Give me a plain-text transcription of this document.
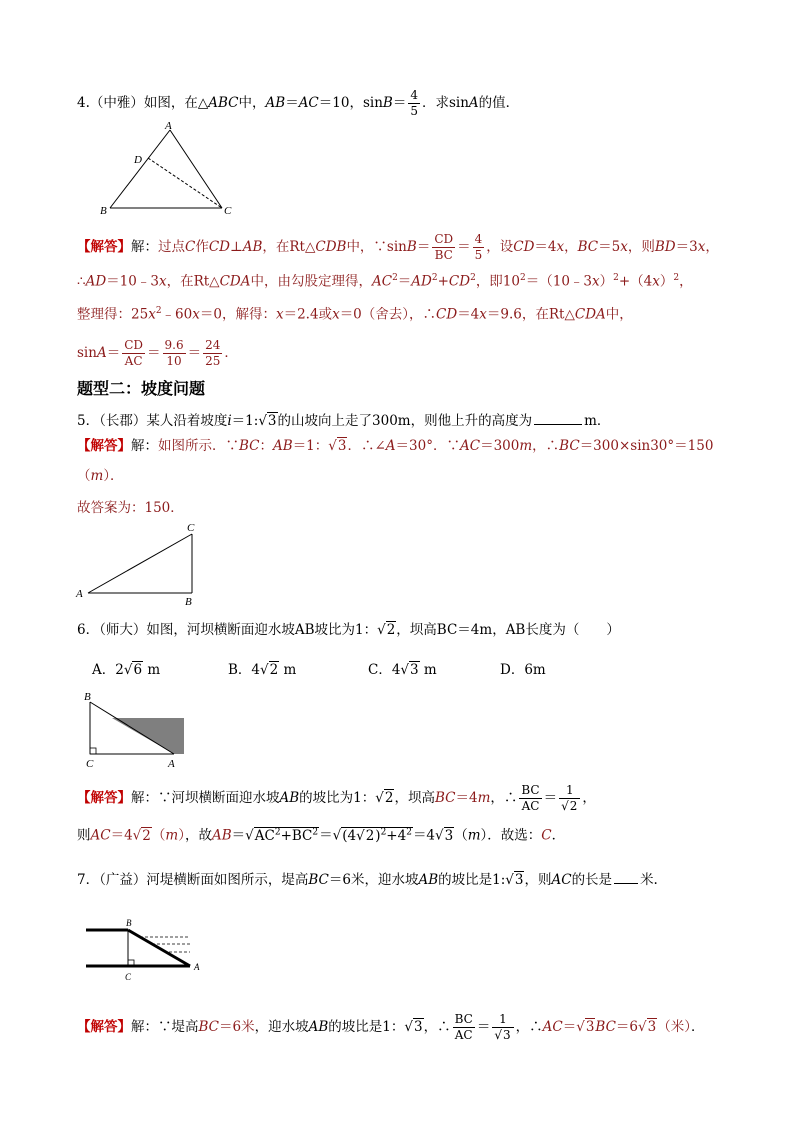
4.（中雅）如图，在△ABC中，AB＝AC＝10，$\sin B= \frac{4}{5}$ ．求sinA的值．
A
D
B	C
【解答】解：过点C作CD⊥AB，在Rt△CDB中，∵sinB＝ $\frac{CD}{BC} = \frac{4}{5}$ ，设CD＝4x，BC＝5x，则BD＝3x，
∴AD＝10﹣3x，在Rt△CDA中，由勾股定理得，$AC^2=AD^2+CD^2$，即$10^2=(10﹣3x)^2+(4x)^2$，
整理得：$25x^2﹣60x=0$，解得：x＝2.4或x＝0（舍去），∴CD＝4x＝9.6，在Rt△CDA中，
$\sin A= \frac{CD}{AC} = \frac{9.6}{10} = \frac{24}{25}$ ．
题型二：坡度问题
5．（长郡）某人沿着坡度i＝1:√3的山坡向上走了300m，则他上升的高度为	m．
【解答】解：如图所示．∵BC：AB＝1：√3．∴∠A＝30°．∵AC＝300m，∴BC＝300×sin30°＝150
（m）．
故答案为：150．
C
A
B
6．（师大）如图，河坝横断面迎水坡AB坡比为1：√2，坝高BC＝4m，AB长度为（　　）
A．2√6 m	B．4√2 m	C．4√3 m	D．6m
B
C	A
【解答】解：∵河坝横断面迎水坡AB的坡比为1：√2，坝高BC＝4m，∴ $\frac{BC}{AC} = \frac{1}{√2}$ ，
则AC＝4√2（m），故$AB=√AC^2+BC^2=√(4√2)^2+4^2=4√3(m)$．故选：C．
7．（广益）河堤横断面如图所示，堤高BC＝6米，迎水坡AB的坡比是1:√3，则AC的长是 米.
B
C
A
【解答】解：∵堤高BC＝6米，迎水坡AB的坡比是1：√3，∴ $\frac{BC}{AC} = \frac{1}{√3}$ ，∴AC＝√3BC＝6√3（米）．
